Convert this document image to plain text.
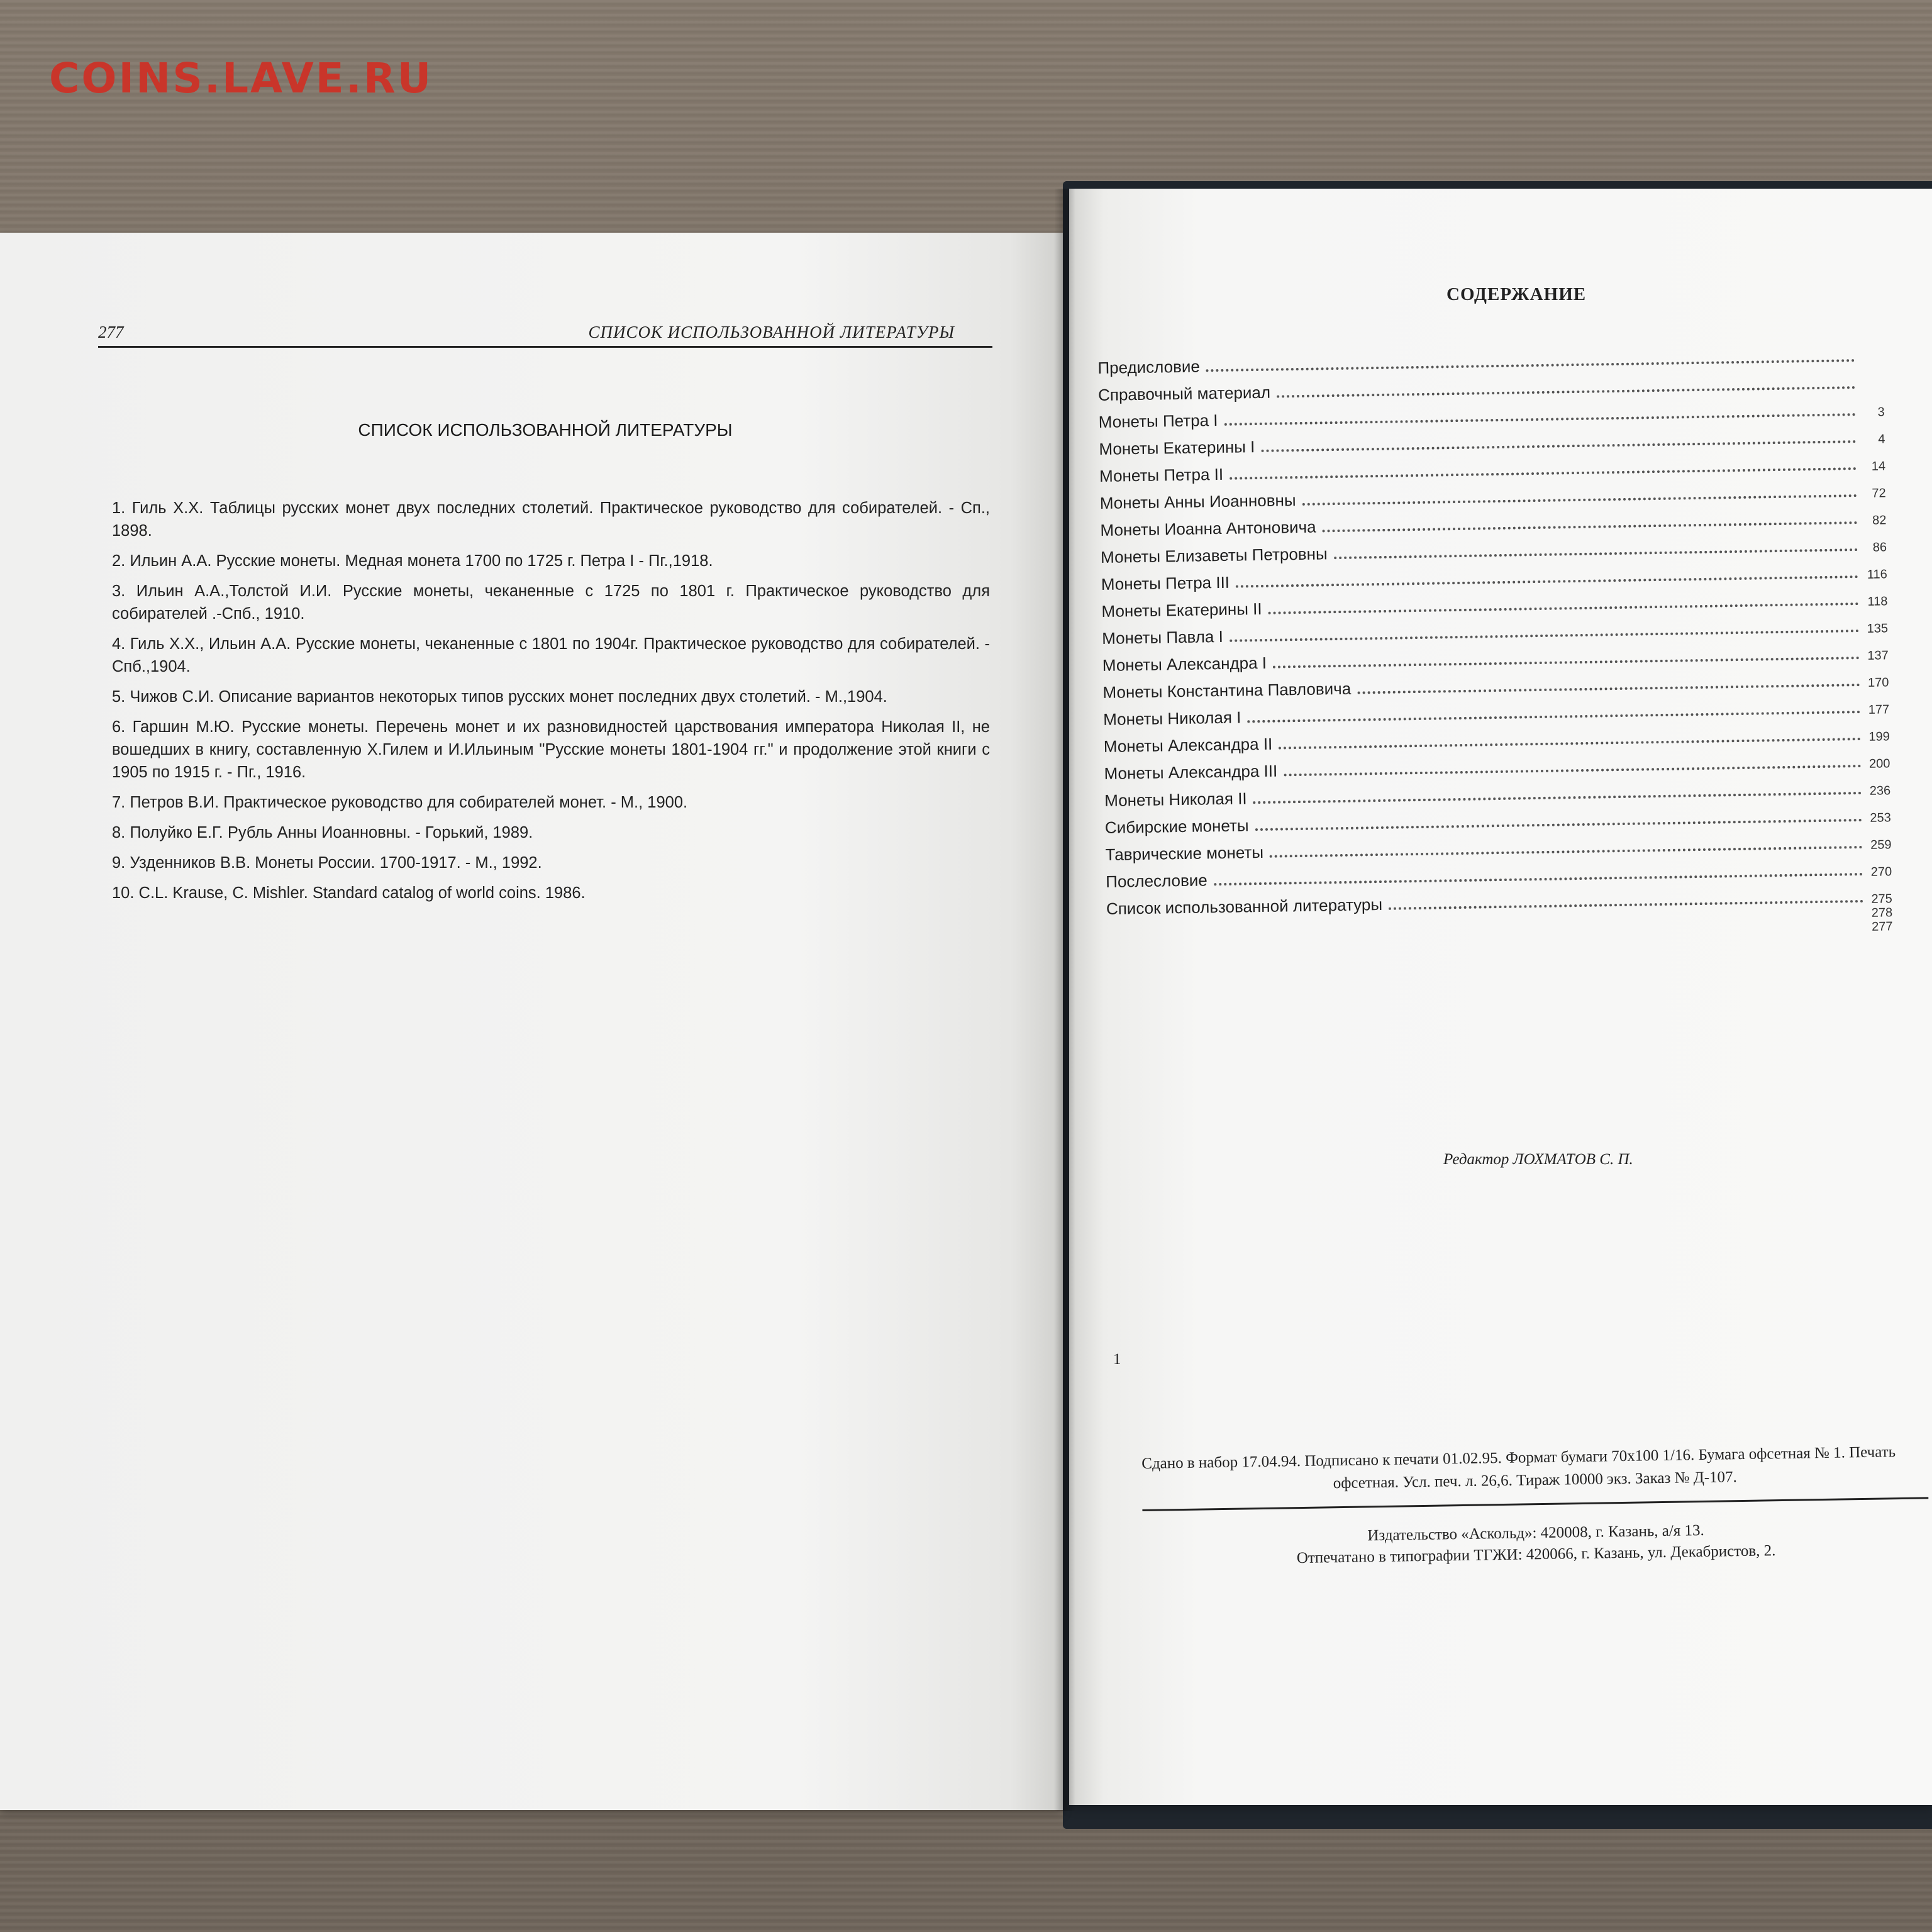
COINS.LAVE.RU
277	СПИСОК ИСПОЛЬЗОВАННОЙ ЛИТЕРАТУРЫ
СПИСОК ИСПОЛЬЗОВАННОЙ ЛИТЕРАТУРЫ
1. Гиль Х.Х. Таблицы русских монет двух последних столетий. Практическое руководство для собирателей. - Сп., 1898.
2. Ильин А.А. Русские монеты. Медная монета 1700 по 1725 г. Петра I - Пг.,1918.
3. Ильин А.А.,Толстой И.И. Русские монеты, чеканенные с 1725 по 1801 г. Практическое руководство для собирателей .-Спб., 1910.
4. Гиль Х.Х., Ильин А.А. Русские монеты, чеканенные с 1801 по 1904г. Практическое руководство для собирателей. - Спб.,1904.
5. Чижов С.И. Описание вариантов некоторых типов русских монет последних двух столетий. - М.,1904.
6. Гаршин М.Ю. Русские монеты. Перечень монет и их разновидностей царствования императора Николая II, не вошедших в книгу, составленную Х.Гилем и И.Ильиным "Русские монеты 1801-1904 гг." и продолжение этой книги с 1905 по 1915 г. - Пг., 1916.
7. Петров В.И. Практическое руководство для собирателей монет. - М., 1900.
8. Полуйко Е.Г. Рубль Анны Иоанновны. - Горький, 1989.
9. Узденников В.В. Монеты России. 1700-1917. - М., 1992.
10. C.L. Krause, C. Mishler. Standard catalog of world coins. 1986.
СОДЕРЖАНИЕ
Предисловие
Справочный материал
Монеты Петра I	3
Монеты Екатерины I	4
Монеты Петра II	14
Монеты Анны Иоанновны	72
Монеты Иоанна Антоновича	82
Монеты Елизаветы Петровны	86
Монеты Петра III	116
Монеты Екатерины II	118
Монеты Павла I	135
Монеты Александра I	137
Монеты Константина Павловича	170
Монеты Николая I	177
Монеты Александра II	199
Монеты Александра III	200
Монеты Николая II	236
Сибирские монеты	253
Таврические монеты	259
Послесловие	270
Список использованной литературы	275
278
277
Редактор ЛОХМАТОВ С. П.
1
Сдано в набор 17.04.94. Подписано к печати 01.02.95. Формат бумаги 70х100 1/16. Бумага офсетная № 1. Печать
офсетная. Усл. печ. л. 26,6. Тираж 10000 экз. Заказ № Д-107.
Издательство «Аскольд»: 420008, г. Казань, а/я 13.
Отпечатано в типографии ТГЖИ: 420066, г. Казань, ул. Декабристов, 2.
